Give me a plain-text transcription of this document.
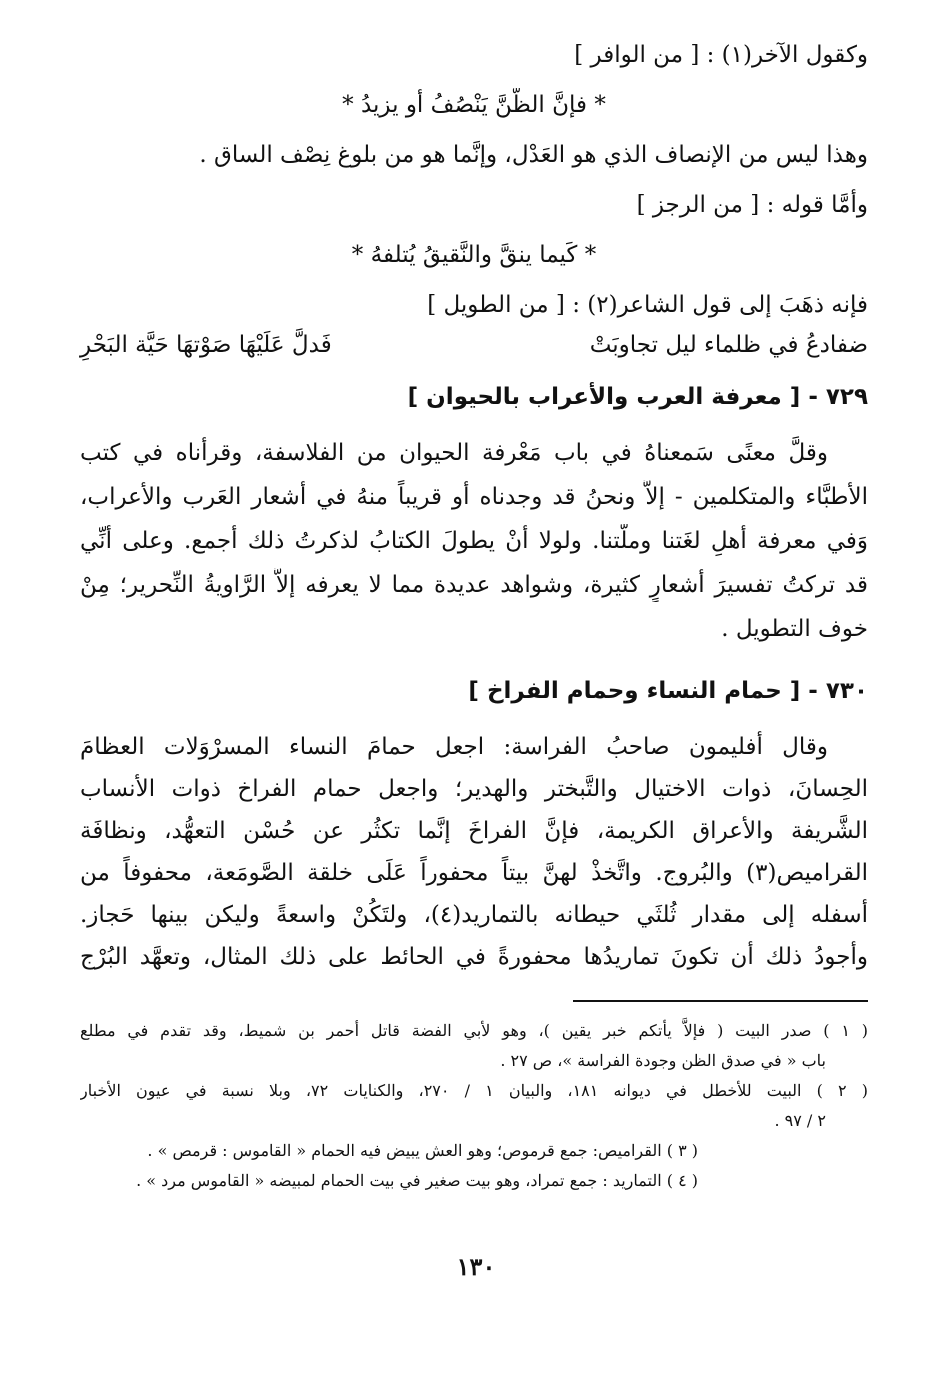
وكقول الآخر(١) : [ من الوافر ]

* فإنَّ الظَّنَّ يَنْصُفُ أو يزيدُ *

وهذا ليس من الإنصاف الذي هو العَدْل، وإنَّما هو من بلوغ نِصْف الساق .

وأمَّا قوله : [ من الرجز ]

* كَيما ينقَّ والنَّقيقُ يُتلفهُ *

فإنه ذهَبَ إلى قول الشاعر(٢) : [ من الطويل ]

ضفادعُ في ظلماء ليل تجاوبَتْ
فَدلَّ عَلَيْهَا صَوْتهَا حَيَّة البَحْرِ
٧٢٩ - [ معرفة العرب والأعراب بالحيوان ]

وقلَّ معنًى سَمعناهُ في باب مَعْرفة الحيوان من الفلاسفة، وقرأناه في كتب

الأطبَّاء والمتكلمين - إلاَّ ونحنُ قد وجدناه أو قريباً منهُ في أشعار العَرب والأعراب،

وَفي معرفة أهلِ لغَتنا وملَّتنا. ولولا أنْ يطولَ الكتابُ لذكرتُ ذلك أجمع. وعلى أنِّي

قد تركتُ تفسيرَ أشعارٍ كثيرة، وشواهد عديدة مما لا يعرفه إلاَّ الرَّاويةُ النِّحرير؛ مِنْ

خوف التطويل .

٧٣٠ - [ حمام النساء وحمام الفراخ ]

وقال أفليمون صاحبُ الفراسة: اجعل حمامَ النساء المسرْوَلات العظامَ

الحِسانَ، ذوات الاختيال والتَّبختر والهدير؛ واجعل حمام الفراخ ذوات الأنساب

الشَّريفة والأعراق الكريمة، فإنَّ الفراخَ إنَّما تكثُر عن حُسْن التعهُّد، ونظافَة

القراميص(٣) والبُروج. واتَّخذْ لهنَّ بيتاً محفوراً عَلَى خلقة الصَّومَعة، محفوفاً من

أسفله إلى مقدار ثُلثَي حيطانه بالتماريد(٤)، ولتَكُنْ واسعةً وليكن بينها حَجاز.

وأجودُ ذلك أن تكونَ تماريدُها محفورةً في الحائط على ذلك المثال، وتعهَّد البُرْج

( ١ ) صدر البيت ( فإلاَّ يأتكم خبر يقين )، وهو لأبي الفضة قاتل أحمر بن شميط، وقد تقدم في مطلع

باب « في صدق الظن وجودة الفراسة »، ص ٢٧ .

( ٢ ) البيت للأخطل في ديوانه ١٨١، والبيان ١ / ٢٧٠، والكنايات ٧٢، وبلا نسبة في عيون الأخبار

٢ / ٩٧ .

( ٣ ) القراميص: جمع قرموص؛ وهو العش يبيض فيه الحمام « القاموس : قرمص » .

( ٤ ) التماريد : جمع تمراد، وهو بيت صغير في بيت الحمام لمبيضه « القاموس مرد » .

١٣٠
